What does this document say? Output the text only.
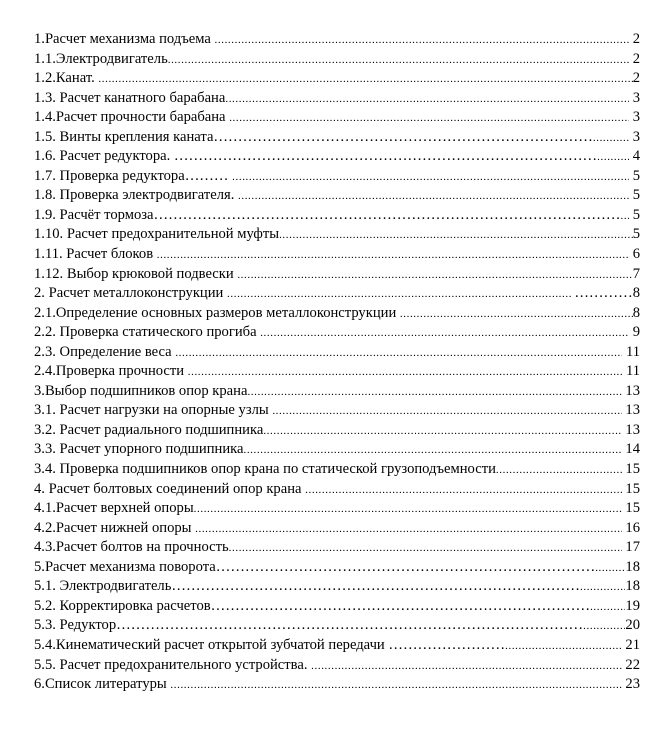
1.Расчет механизма подъема .....	2
1.1.Электродвигатель .....	2
1.2.Канат. .....	2
1.3. Расчет канатного барабана .....	3
1.4.Расчет прочности барабана .....	3
1.5. Винты крепления каната…………………………………………………………………… ..... 3
1.6. Расчет редуктора. …………………………………………………………………………… ..... 4
1.7. Проверка редуктора……… .....	5
1.8. Проверка электродвигателя. .....	5
1.9. Расчёт тормоза…………………………………………………………………………………… ..... 5
1.10. Расчет предохранительной муфты .....	5
1.11. Расчет блоков .....	6
1.12. Выбор крюковой подвески .....	7
2. Расчет металлоконструкции .....	…………8
2.1.Определение основных размеров металлоконструкции .....	8
2.2. Проверка статического прогиба .....	9
2.3. Определение веса .....	11
2.4.Проверка прочности .....	11
3.Выбор подшипников опор крана .....	13
3.1. Расчет нагрузки на опорные узлы .....	13
3.2. Расчет радиального подшипника .....	13
3.3. Расчет упорного подшипника .....	14
3.4. Проверка подшипников опор крана по статической грузоподъемности .....	15
4. Расчет болтовых соединений опор крана .....	15
4.1.Расчет верхней опоры .....	15
4.2.Расчет нижней опоры .....	16
4.3.Расчет болтов на прочность .....	17
5.Расчет механизма поворота…………………………………………………………………… ..... 18
5.1. Электродвигатель………………………………………………………………………… .....	18
5.2. Корректировка расчетов…………………………………………………………………… ..... 19
5.3. Редуктор…………………………………………………………………………………… .....	20
5.4.Кинематический расчет открытой зубчатой передачи …………………… .....	21
5.5. Расчет предохранительного устройства. .....	22
6.Список литературы .....	23
